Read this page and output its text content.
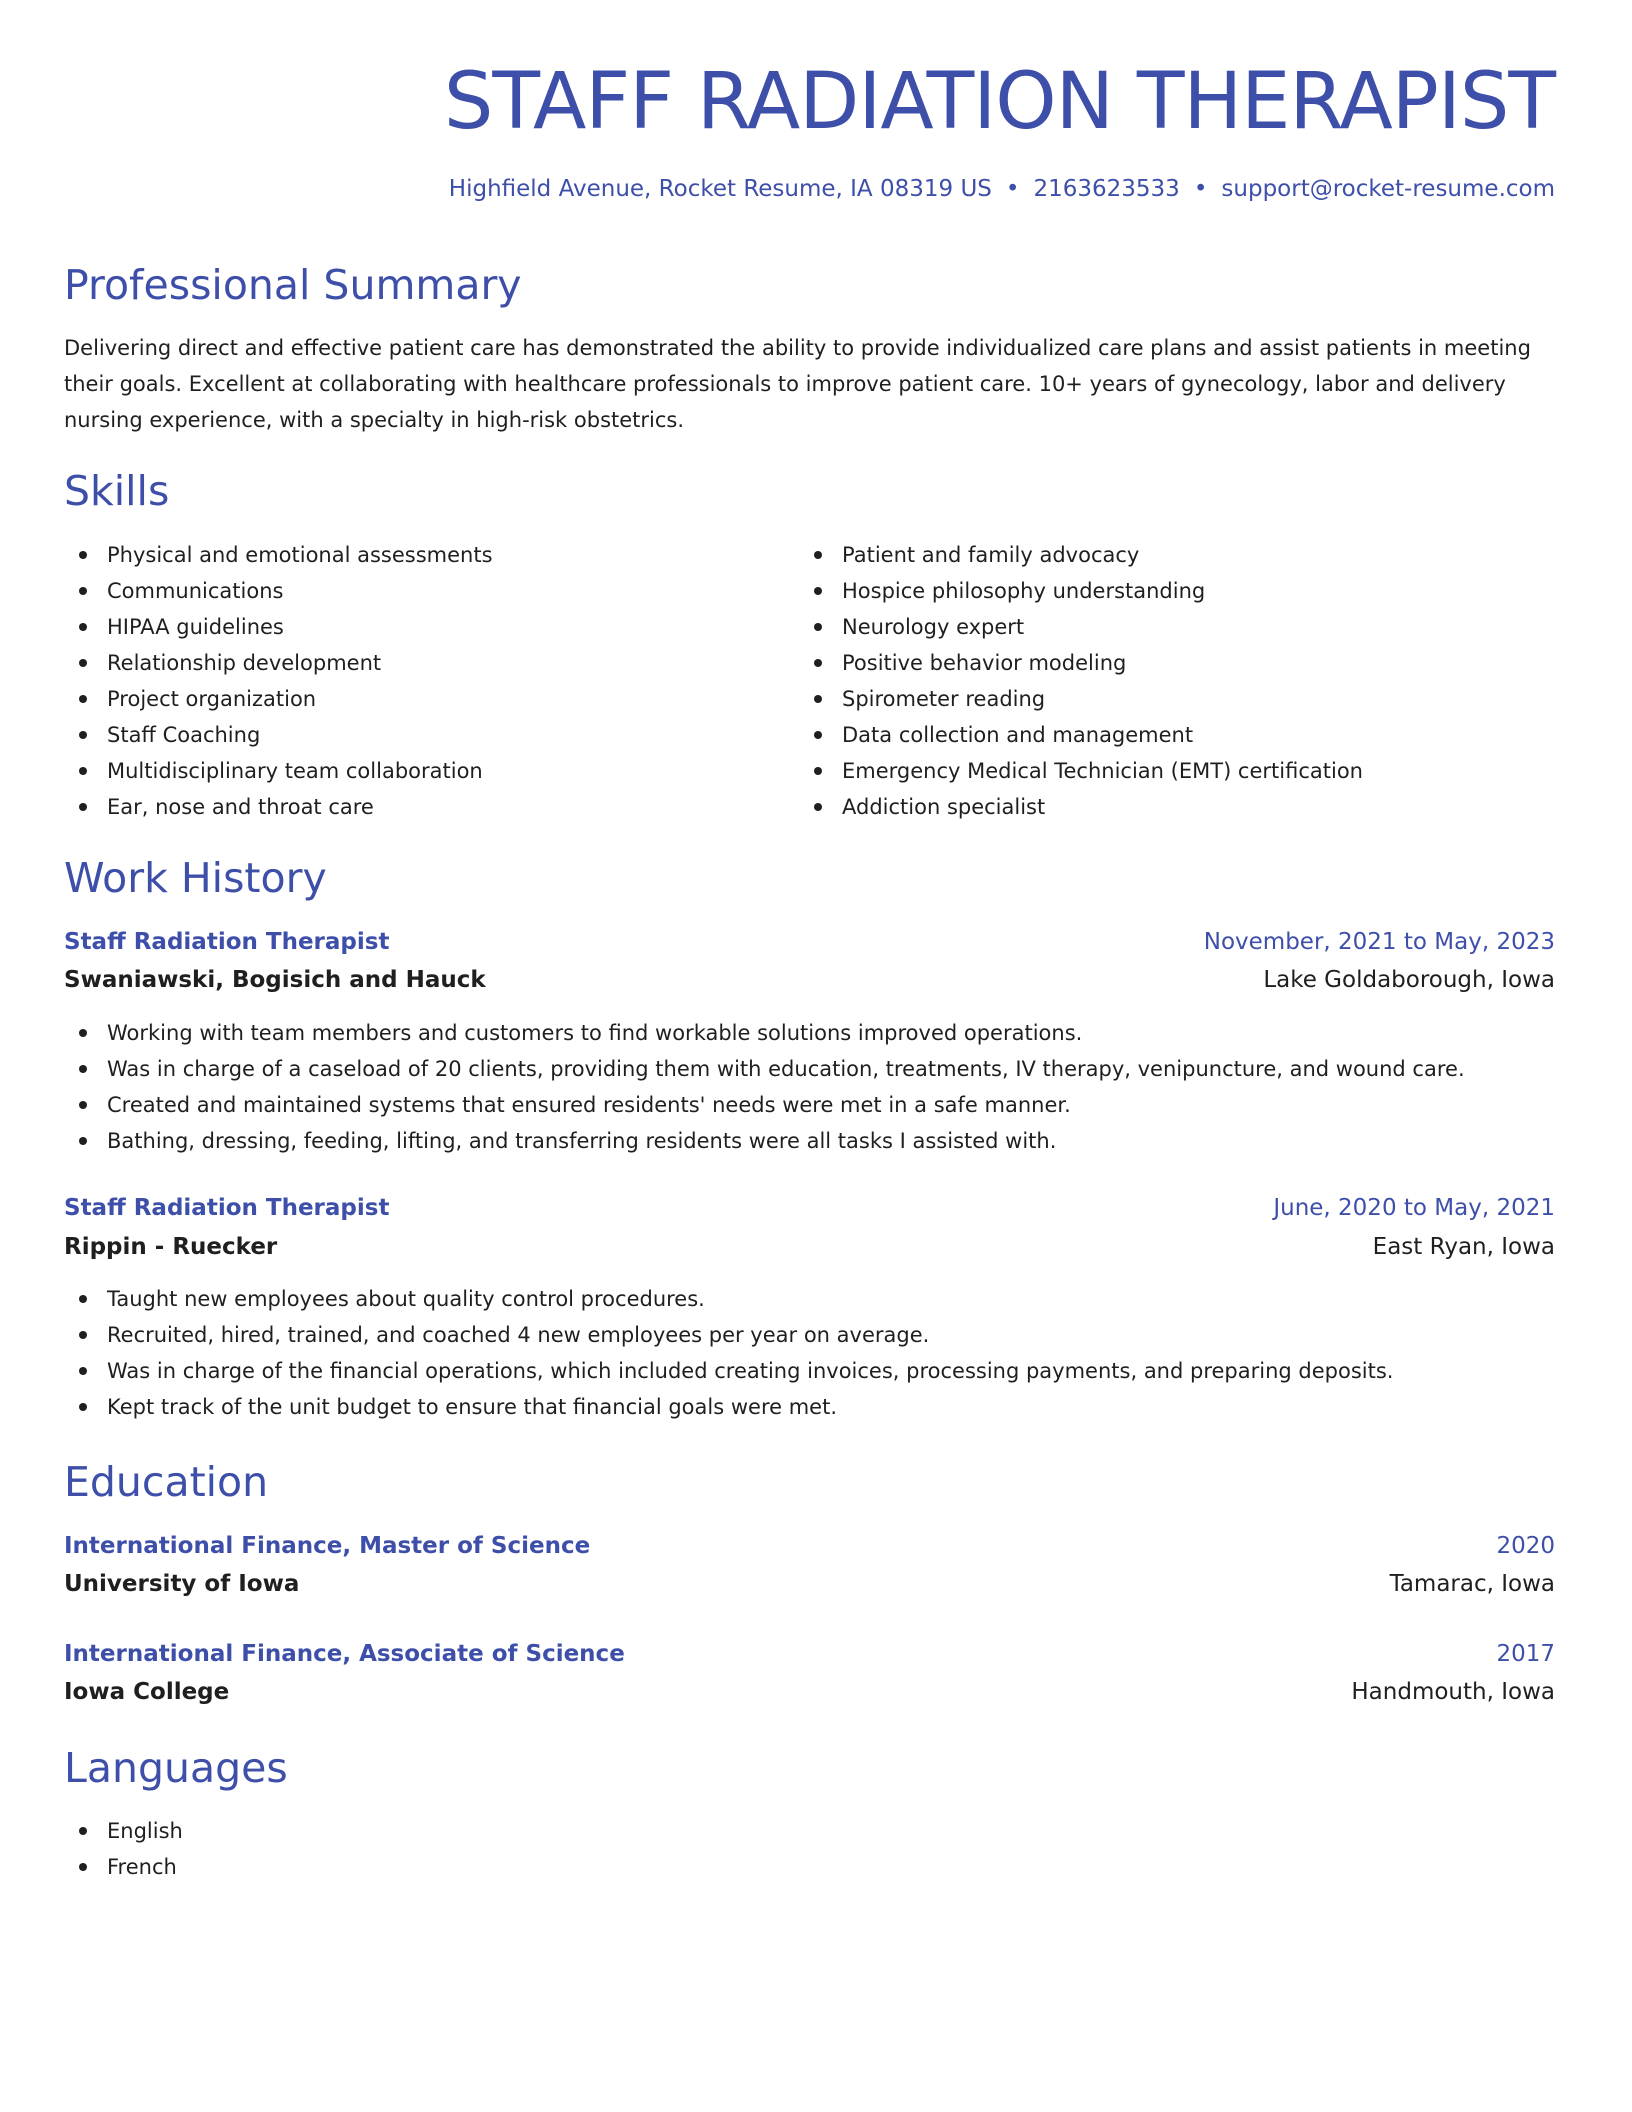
STAFF RADIATION THERAPIST
Highfield Avenue, Rocket Resume, IA 08319 US • 2163623533 • support@rocket-resume.com
Professional Summary

Delivering direct and effective patient care has demonstrated the ability to provide individualized care plans and assist patients in meeting their goals. Excellent at collaborating with healthcare professionals to improve patient care. 10+ years of gynecology, labor and delivery nursing experience, with a specialty in high-risk obstetrics.

Skills
Physical and emotional assessments
Communications
HIPAA guidelines
Relationship development
Project organization
Staff Coaching
Multidisciplinary team collaboration
Ear, nose and throat care
Patient and family advocacy
Hospice philosophy understanding
Neurology expert
Positive behavior modeling
Spirometer reading
Data collection and management
Emergency Medical Technician (EMT) certification
Addiction specialist
Work History
Staff Radiation Therapist	November, 2021 to May, 2023
Swaniawski, Bogisich and Hauck	Lake Goldaborough, Iowa
Working with team members and customers to find workable solutions improved operations.
Was in charge of a caseload of 20 clients, providing them with education, treatments, IV therapy, venipuncture, and wound care.
Created and maintained systems that ensured residents' needs were met in a safe manner.
Bathing, dressing, feeding, lifting, and transferring residents were all tasks I assisted with.
Staff Radiation Therapist	June, 2020 to May, 2021
Rippin - Ruecker	East Ryan, Iowa
Taught new employees about quality control procedures.
Recruited, hired, trained, and coached 4 new employees per year on average.
Was in charge of the financial operations, which included creating invoices, processing payments, and preparing deposits.
Kept track of the unit budget to ensure that financial goals were met.
Education
International Finance, Master of Science	2020
University of Iowa	Tamarac, Iowa
International Finance, Associate of Science	2017
Iowa College	Handmouth, Iowa
Languages
English
French
